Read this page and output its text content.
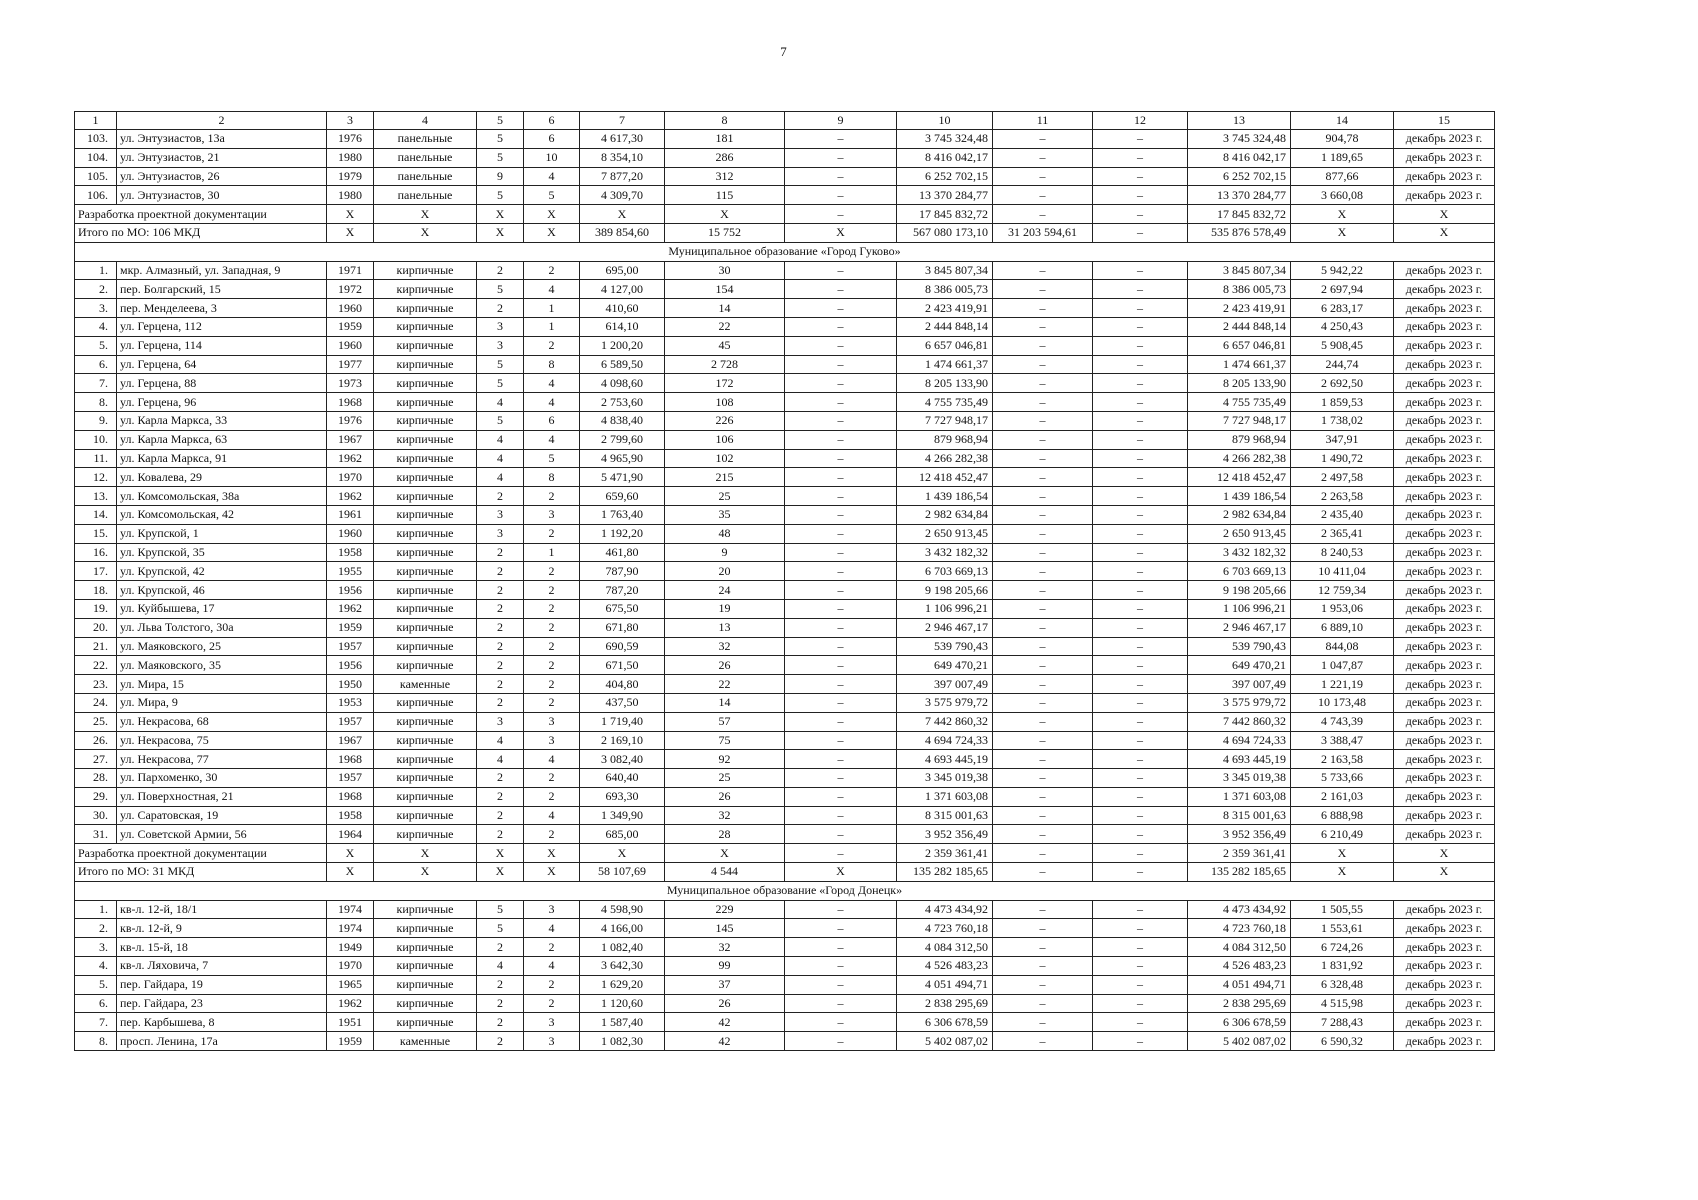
7
1	2	3	4	5	6	7	8	9	10	11	12	13	14	15
103.	ул. Энтузиастов, 13а	1976	панельные	5	6	4 617,30	181	–	3 745 324,48	–	–	3 745 324,48	904,78	декабрь 2023 г.
104.	ул. Энтузиастов, 21	1980	панельные	5	10	8 354,10	286	–	8 416 042,17	–	–	8 416 042,17	1 189,65	декабрь 2023 г.
105.	ул. Энтузиастов, 26	1979	панельные	9	4	7 877,20	312	–	6 252 702,15	–	–	6 252 702,15	877,66	декабрь 2023 г.
106.	ул. Энтузиастов, 30	1980	панельные	5	5	4 309,70	115	–	13 370 284,77	–	–	13 370 284,77	3 660,08	декабрь 2023 г.
Разработка проектной документации		X	X	X	X	X	X	–	17 845 832,72	–	–	17 845 832,72	X	X
Итого по МО: 106 МКД		X	X	X	X	389 854,60	15 752	X	567 080 173,10	31 203 594,61	–	535 876 578,49	X	X
Муниципальное образование «Город Гуково»														
1.	мкр. Алмазный, ул. Западная, 9	1971	кирпичные	2	2	695,00	30	–	3 845 807,34	–	–	3 845 807,34	5 942,22	декабрь 2023 г.
2.	пер. Болгарский, 15	1972	кирпичные	5	4	4 127,00	154	–	8 386 005,73	–	–	8 386 005,73	2 697,94	декабрь 2023 г.
3.	пер. Менделеева, 3	1960	кирпичные	2	1	410,60	14	–	2 423 419,91	–	–	2 423 419,91	6 283,17	декабрь 2023 г.
4.	ул. Герцена, 112	1959	кирпичные	3	1	614,10	22	–	2 444 848,14	–	–	2 444 848,14	4 250,43	декабрь 2023 г.
5.	ул. Герцена, 114	1960	кирпичные	3	2	1 200,20	45	–	6 657 046,81	–	–	6 657 046,81	5 908,45	декабрь 2023 г.
6.	ул. Герцена, 64	1977	кирпичные	5	8	6 589,50	2 728	–	1 474 661,37	–	–	1 474 661,37	244,74	декабрь 2023 г.
7.	ул. Герцена, 88	1973	кирпичные	5	4	4 098,60	172	–	8 205 133,90	–	–	8 205 133,90	2 692,50	декабрь 2023 г.
8.	ул. Герцена, 96	1968	кирпичные	4	4	2 753,60	108	–	4 755 735,49	–	–	4 755 735,49	1 859,53	декабрь 2023 г.
9.	ул. Карла Маркса, 33	1976	кирпичные	5	6	4 838,40	226	–	7 727 948,17	–	–	7 727 948,17	1 738,02	декабрь 2023 г.
10.	ул. Карла Маркса, 63	1967	кирпичные	4	4	2 799,60	106	–	879 968,94	–	–	879 968,94	347,91	декабрь 2023 г.
11.	ул. Карла Маркса, 91	1962	кирпичные	4	5	4 965,90	102	–	4 266 282,38	–	–	4 266 282,38	1 490,72	декабрь 2023 г.
12.	ул. Ковалева, 29	1970	кирпичные	4	8	5 471,90	215	–	12 418 452,47	–	–	12 418 452,47	2 497,58	декабрь 2023 г.
13.	ул. Комсомольская, 38а	1962	кирпичные	2	2	659,60	25	–	1 439 186,54	–	–	1 439 186,54	2 263,58	декабрь 2023 г.
14.	ул. Комсомольская, 42	1961	кирпичные	3	3	1 763,40	35	–	2 982 634,84	–	–	2 982 634,84	2 435,40	декабрь 2023 г.
15.	ул. Крупской, 1	1960	кирпичные	3	2	1 192,20	48	–	2 650 913,45	–	–	2 650 913,45	2 365,41	декабрь 2023 г.
16.	ул. Крупской, 35	1958	кирпичные	2	1	461,80	9	–	3 432 182,32	–	–	3 432 182,32	8 240,53	декабрь 2023 г.
17.	ул. Крупской, 42	1955	кирпичные	2	2	787,90	20	–	6 703 669,13	–	–	6 703 669,13	10 411,04	декабрь 2023 г.
18.	ул. Крупской, 46	1956	кирпичные	2	2	787,20	24	–	9 198 205,66	–	–	9 198 205,66	12 759,34	декабрь 2023 г.
19.	ул. Куйбышева, 17	1962	кирпичные	2	2	675,50	19	–	1 106 996,21	–	–	1 106 996,21	1 953,06	декабрь 2023 г.
20.	ул. Льва Толстого, 30а	1959	кирпичные	2	2	671,80	13	–	2 946 467,17	–	–	2 946 467,17	6 889,10	декабрь 2023 г.
21.	ул. Маяковского, 25	1957	кирпичные	2	2	690,59	32	–	539 790,43	–	–	539 790,43	844,08	декабрь 2023 г.
22.	ул. Маяковского, 35	1956	кирпичные	2	2	671,50	26	–	649 470,21	–	–	649 470,21	1 047,87	декабрь 2023 г.
23.	ул. Мира, 15	1950	каменные	2	2	404,80	22	–	397 007,49	–	–	397 007,49	1 221,19	декабрь 2023 г.
24.	ул. Мира, 9	1953	кирпичные	2	2	437,50	14	–	3 575 979,72	–	–	3 575 979,72	10 173,48	декабрь 2023 г.
25.	ул. Некрасова, 68	1957	кирпичные	3	3	1 719,40	57	–	7 442 860,32	–	–	7 442 860,32	4 743,39	декабрь 2023 г.
26.	ул. Некрасова, 75	1967	кирпичные	4	3	2 169,10	75	–	4 694 724,33	–	–	4 694 724,33	3 388,47	декабрь 2023 г.
27.	ул. Некрасова, 77	1968	кирпичные	4	4	3 082,40	92	–	4 693 445,19	–	–	4 693 445,19	2 163,58	декабрь 2023 г.
28.	ул. Пархоменко, 30	1957	кирпичные	2	2	640,40	25	–	3 345 019,38	–	–	3 345 019,38	5 733,66	декабрь 2023 г.
29.	ул. Поверхностная, 21	1968	кирпичные	2	2	693,30	26	–	1 371 603,08	–	–	1 371 603,08	2 161,03	декабрь 2023 г.
30.	ул. Саратовская, 19	1958	кирпичные	2	4	1 349,90	32	–	8 315 001,63	–	–	8 315 001,63	6 888,98	декабрь 2023 г.
31.	ул. Советской Армии, 56	1964	кирпичные	2	2	685,00	28	–	3 952 356,49	–	–	3 952 356,49	6 210,49	декабрь 2023 г.
Разработка проектной документации		X	X	X	X	X	X	–	2 359 361,41	–	–	2 359 361,41	X	X
Итого по МО: 31 МКД		X	X	X	X	58 107,69	4 544	X	135 282 185,65	–	–	135 282 185,65	X	X
Муниципальное образование «Город Донецк»														
1.	кв-л. 12-й, 18/1	1974	кирпичные	5	3	4 598,90	229	–	4 473 434,92	–	–	4 473 434,92	1 505,55	декабрь 2023 г.
2.	кв-л. 12-й, 9	1974	кирпичные	5	4	4 166,00	145	–	4 723 760,18	–	–	4 723 760,18	1 553,61	декабрь 2023 г.
3.	кв-л. 15-й, 18	1949	кирпичные	2	2	1 082,40	32	–	4 084 312,50	–	–	4 084 312,50	6 724,26	декабрь 2023 г.
4.	кв-л. Ляховича, 7	1970	кирпичные	4	4	3 642,30	99	–	4 526 483,23	–	–	4 526 483,23	1 831,92	декабрь 2023 г.
5.	пер. Гайдара, 19	1965	кирпичные	2	2	1 629,20	37	–	4 051 494,71	–	–	4 051 494,71	6 328,48	декабрь 2023 г.
6.	пер. Гайдара, 23	1962	кирпичные	2	2	1 120,60	26	–	2 838 295,69	–	–	2 838 295,69	4 515,98	декабрь 2023 г.
7.	пер. Карбышева, 8	1951	кирпичные	2	3	1 587,40	42	–	6 306 678,59	–	–	6 306 678,59	7 288,43	декабрь 2023 г.
8.	просп. Ленина, 17а	1959	каменные	2	3	1 082,30	42	–	5 402 087,02	–	–	5 402 087,02	6 590,32	декабрь 2023 г.
